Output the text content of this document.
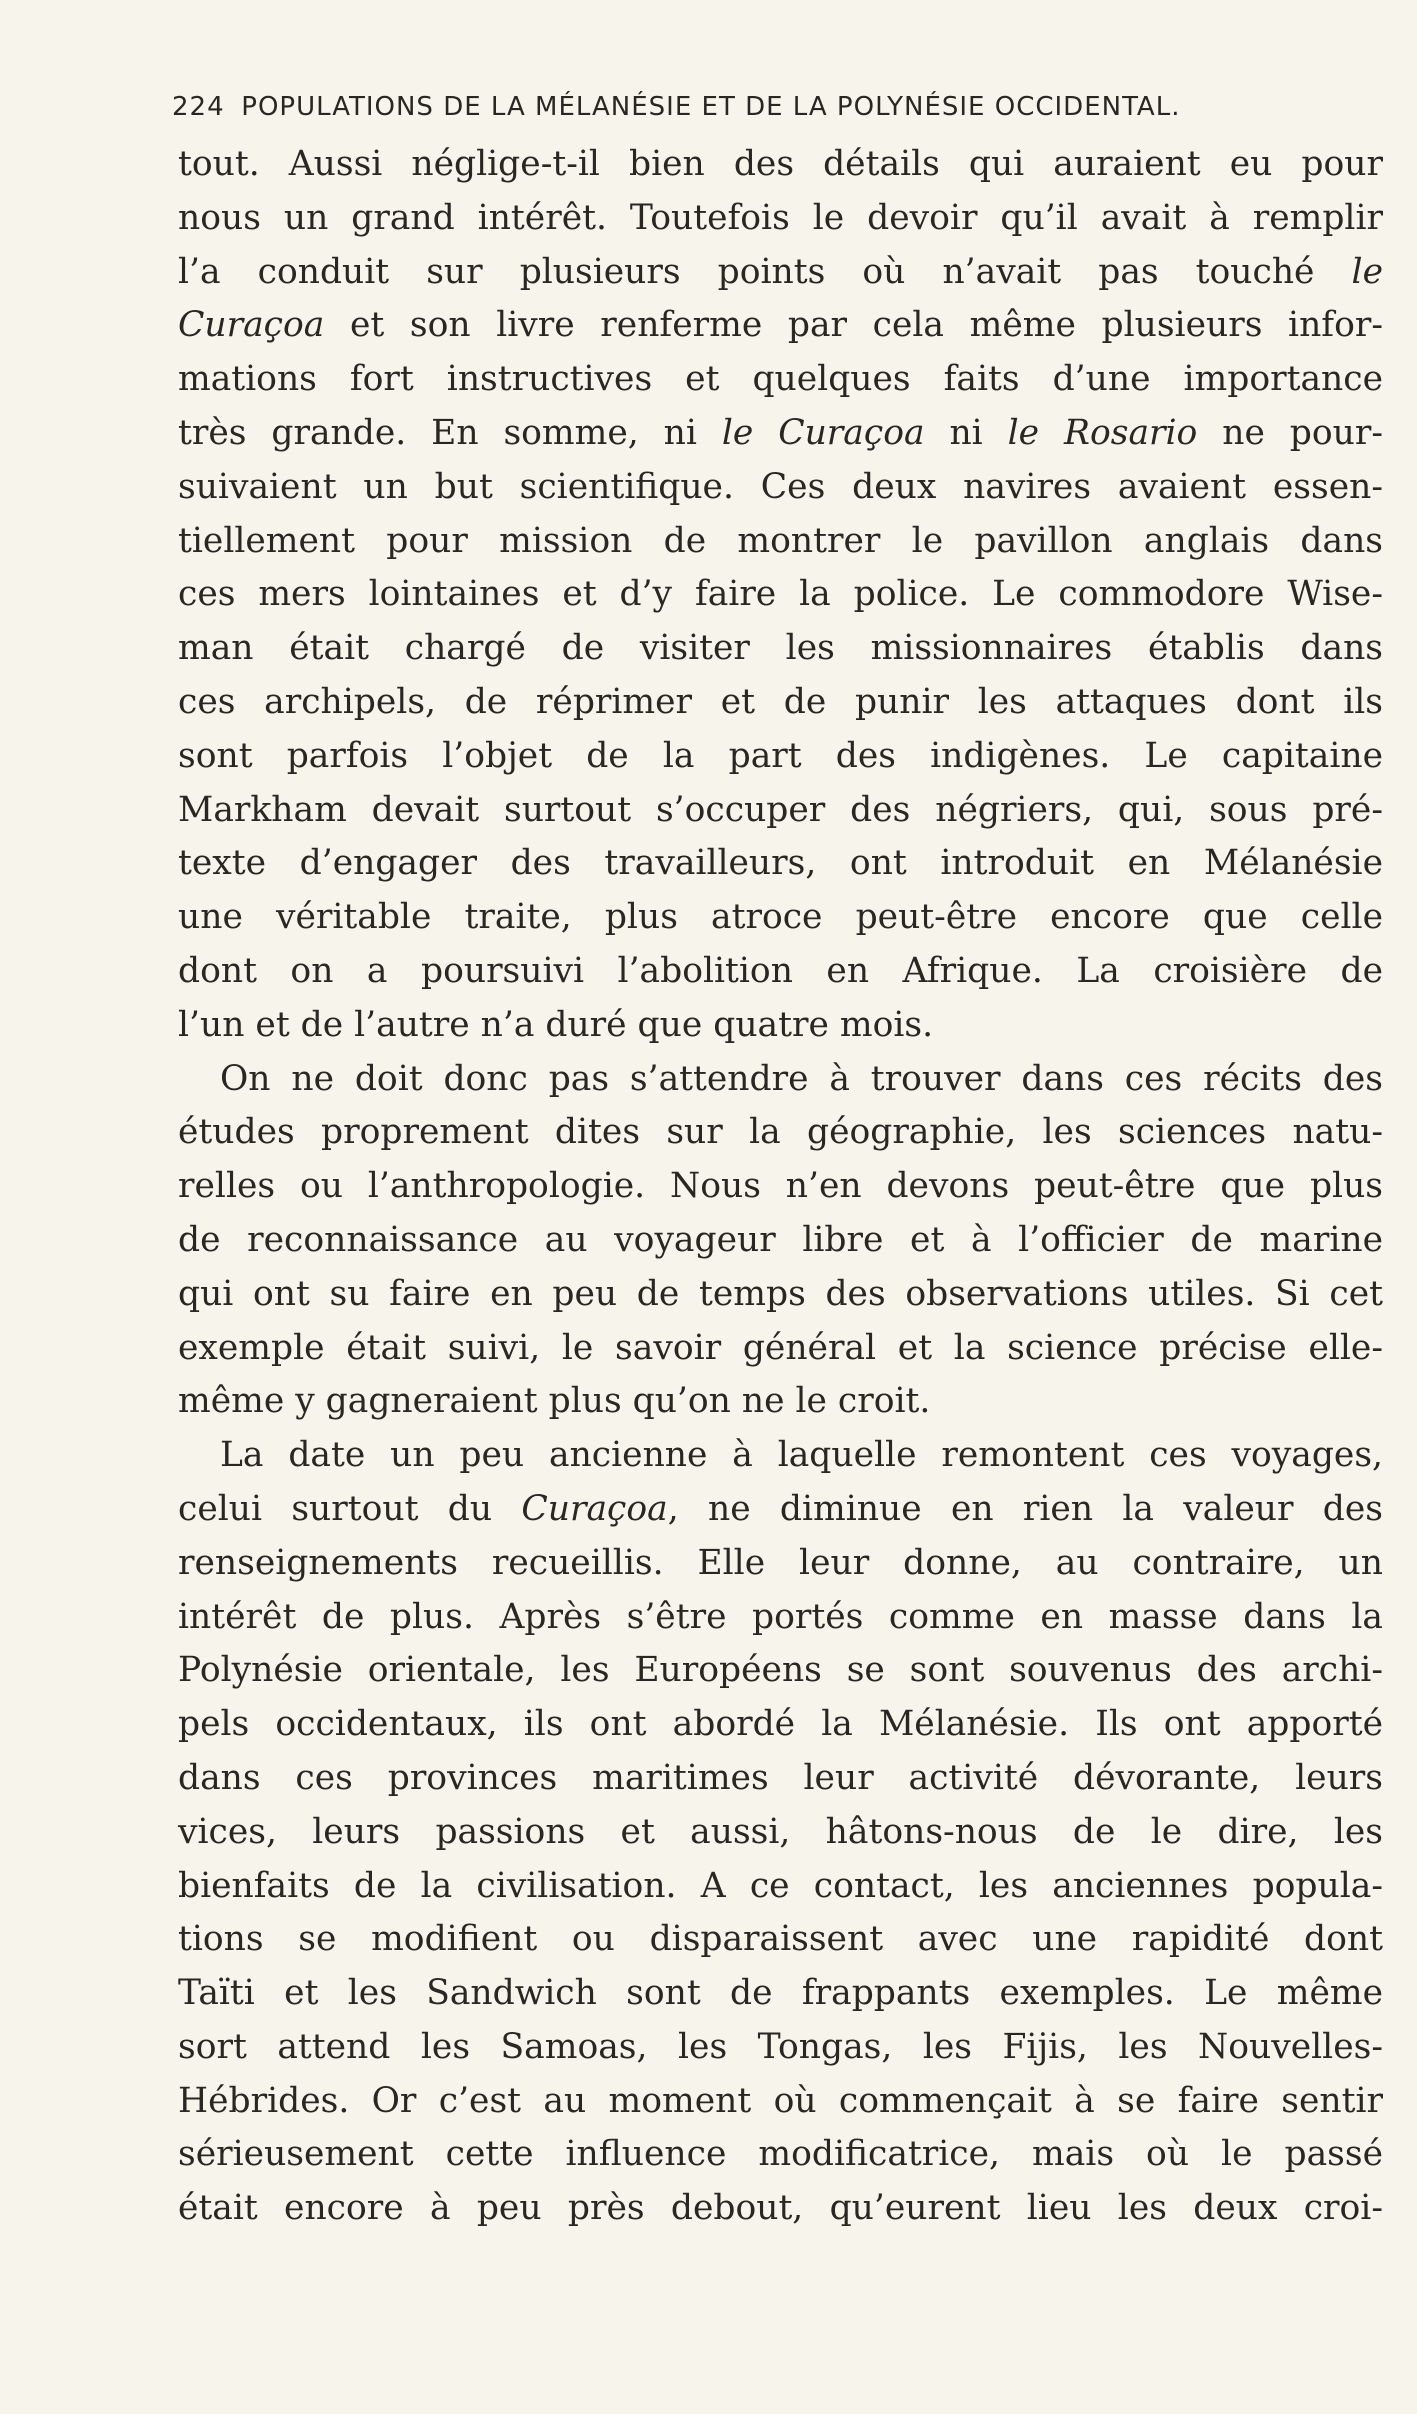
224 POPULATIONS DE LA MÉLANÉSIE ET DE LA POLYNÉSIE OCCIDENTAL.
tout. Aussi néglige-t-il bien des détails qui auraient eu pour
nous un grand intérêt. Toutefois le devoir qu’il avait à remplir
l’a conduit sur plusieurs points où n’avait pas touché le
Curaçoa et son livre renferme par cela même plusieurs infor-
mations fort instructives et quelques faits d’une importance
très grande. En somme, ni le Curaçoa ni le Rosario ne pour-
suivaient un but scientifique. Ces deux navires avaient essen-
tiellement pour mission de montrer le pavillon anglais dans
ces mers lointaines et d’y faire la police. Le commodore Wise-
man était chargé de visiter les missionnaires établis dans
ces archipels, de réprimer et de punir les attaques dont ils
sont parfois l’objet de la part des indigènes. Le capitaine
Markham devait surtout s’occuper des négriers, qui, sous pré-
texte d’engager des travailleurs, ont introduit en Mélanésie
une véritable traite, plus atroce peut-être encore que celle
dont on a poursuivi l’abolition en Afrique. La croisière de
l’un et de l’autre n’a duré que quatre mois.
On ne doit donc pas s’attendre à trouver dans ces récits des
études proprement dites sur la géographie, les sciences natu-
relles ou l’anthropologie. Nous n’en devons peut-être que plus
de reconnaissance au voyageur libre et à l’officier de marine
qui ont su faire en peu de temps des observations utiles. Si cet
exemple était suivi, le savoir général et la science précise elle-
même y gagneraient plus qu’on ne le croit.
La date un peu ancienne à laquelle remontent ces voyages,
celui surtout du Curaçoa, ne diminue en rien la valeur des
renseignements recueillis. Elle leur donne, au contraire, un
intérêt de plus. Après s’être portés comme en masse dans la
Polynésie orientale, les Européens se sont souvenus des archi-
pels occidentaux, ils ont abordé la Mélanésie. Ils ont apporté
dans ces provinces maritimes leur activité dévorante, leurs
vices, leurs passions et aussi, hâtons-nous de le dire, les
bienfaits de la civilisation. A ce contact, les anciennes popula-
tions se modifient ou disparaissent avec une rapidité dont
Taïti et les Sandwich sont de frappants exemples. Le même
sort attend les Samoas, les Tongas, les Fijis, les Nouvelles-
Hébrides. Or c’est au moment où commençait à se faire sentir
sérieusement cette influence modificatrice, mais où le passé
était encore à peu près debout, qu’eurent lieu les deux croi-
